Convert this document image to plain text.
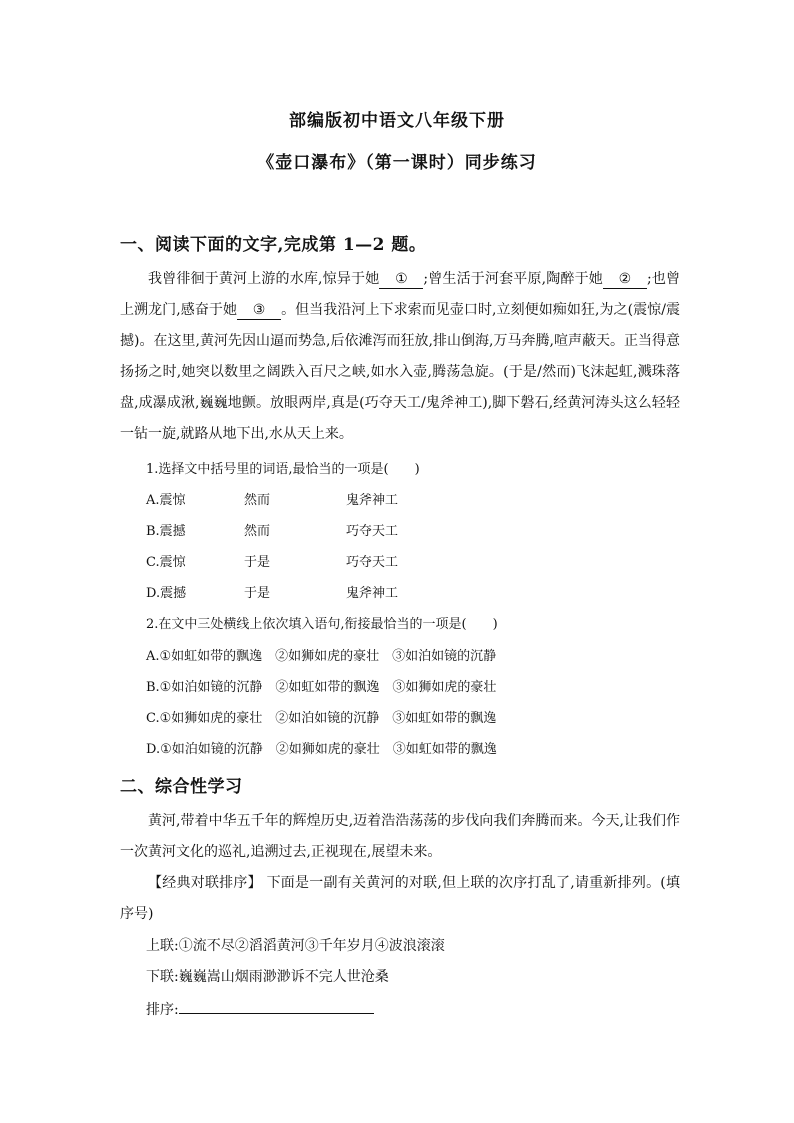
部编版初中语文八年级下册
《壶口瀑布》（第一课时）同步练习
一、阅读下面的文字,完成第 1—2 题。
我曾徘徊于黄河上游的水库,惊异于她 ① ;曾生活于河套平原,陶醉于她 ② ;也曾上溯龙门,感奋于她 ③ 。但当我沿河上下求索而见壶口时,立刻便如痴如狂,为之(震惊/震撼)。在这里,黄河先因山逼而势急,后依滩泻而狂放,排山倒海,万马奔腾,喧声蔽天。正当得意扬扬之时,她突以数里之阔跌入百尺之峡,如水入壶,腾荡急旋。(于是/然而)飞沫起虹,溅珠落盘,成瀑成湫,巍巍地颤。放眼两岸,真是(巧夺天工/鬼斧神工),脚下磐石,经黄河涛头这么轻轻一钻一旋,就路从地下出,水从天上来。
1.选择文中括号里的词语,最恰当的一项是(　　)
A.震惊	然而	鬼斧神工
B.震撼	然而	巧夺天工
C.震惊	于是	巧夺天工
D.震撼	于是	鬼斧神工
2.在文中三处横线上依次填入语句,衔接最恰当的一项是(　　)
A.①如虹如带的飘逸　②如狮如虎的豪壮　③如泊如镜的沉静
B.①如泊如镜的沉静　②如虹如带的飘逸　③如狮如虎的豪壮
C.①如狮如虎的豪壮　②如泊如镜的沉静　③如虹如带的飘逸
D.①如泊如镜的沉静　②如狮如虎的豪壮　③如虹如带的飘逸
二、综合性学习
黄河,带着中华五千年的辉煌历史,迈着浩浩荡荡的步伐向我们奔腾而来。今天,让我们作一次黄河文化的巡礼,追溯过去,正视现在,展望未来。
【经典对联排序】 下面是一副有关黄河的对联,但上联的次序打乱了,请重新排列。(填序号)
上联:①流不尽②滔滔黄河③千年岁月④波浪滚滚
下联:巍巍嵩山烟雨渺渺诉不完人世沧桑
排序:
